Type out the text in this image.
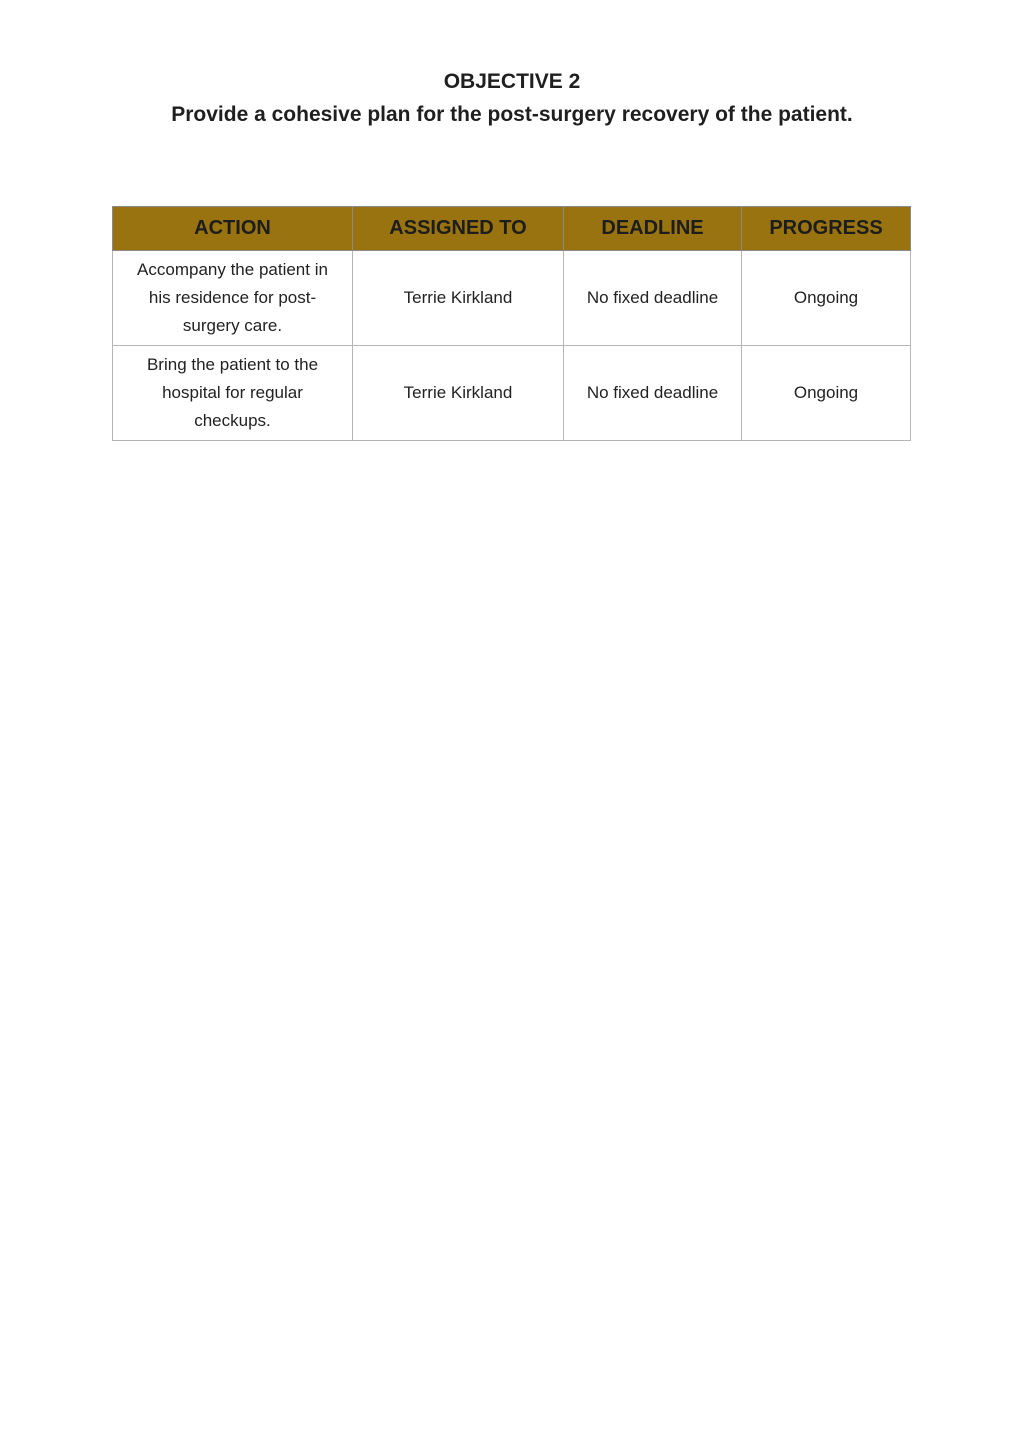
OBJECTIVE 2
Provide a cohesive plan for the post-surgery recovery of the patient.
ACTION	ASSIGNED TO	DEADLINE	PROGRESS
Accompany the patient in his residence for post-surgery care.	Terrie Kirkland	No fixed deadline	Ongoing
Bring the patient to the hospital for regular checkups.	Terrie Kirkland	No fixed deadline	Ongoing
